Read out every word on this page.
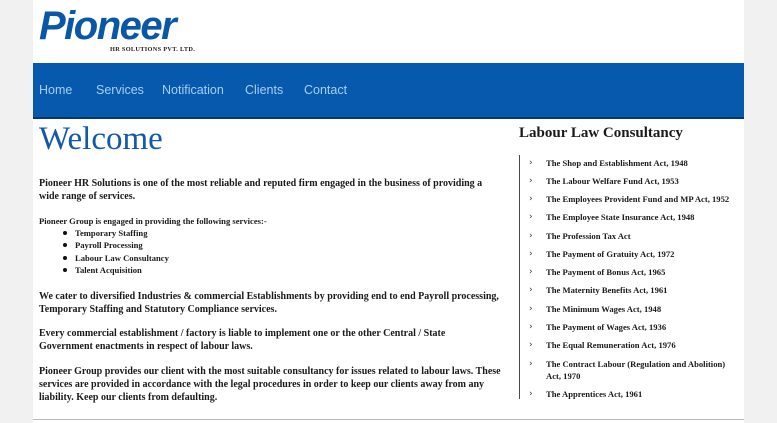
Pioneer
HR SOLUTIONS PVT. LTD.
Home Services Notification Clients Contact
Welcome

Pioneer HR Solutions is one of the most reliable and reputed firm engaged in the business of providing a wide range of services.

Pioneer Group is engaged in providing the following services:-

We cater to diversified Industries & commercial Establishments by providing end to end Payroll processing, Temporary Staffing and Statutory Compliance services.

Every commercial establishment / factory is liable to implement one or the other Central / State Government enactments in respect of labour laws.

Pioneer Group provides our client with the most suitable consultancy for issues related to labour laws. These services are provided in accordance with the legal procedures in order to keep our clients away from any liability. Keep our clients from defaulting.

Temporary Staffing
Payroll Processing
Labour Law Consultancy
Talent Acquisition
Labour Law Consultancy
› The Shop and Establishment Act, 1948
› The Labour Welfare Fund Act, 1953
› The Employees Provident Fund and MP Act, 1952
› The Employee State Insurance Act, 1948
› The Profession Tax Act
› The Payment of Gratuity Act, 1972
› The Payment of Bonus Act, 1965
› The Maternity Benefits Act, 1961
› The Minimum Wages Act, 1948
› The Payment of Wages Act, 1936
› The Equal Remuneration Act, 1976
› The Contract Labour (Regulation and Abolition) Act, 1970
› The Apprentices Act, 1961
